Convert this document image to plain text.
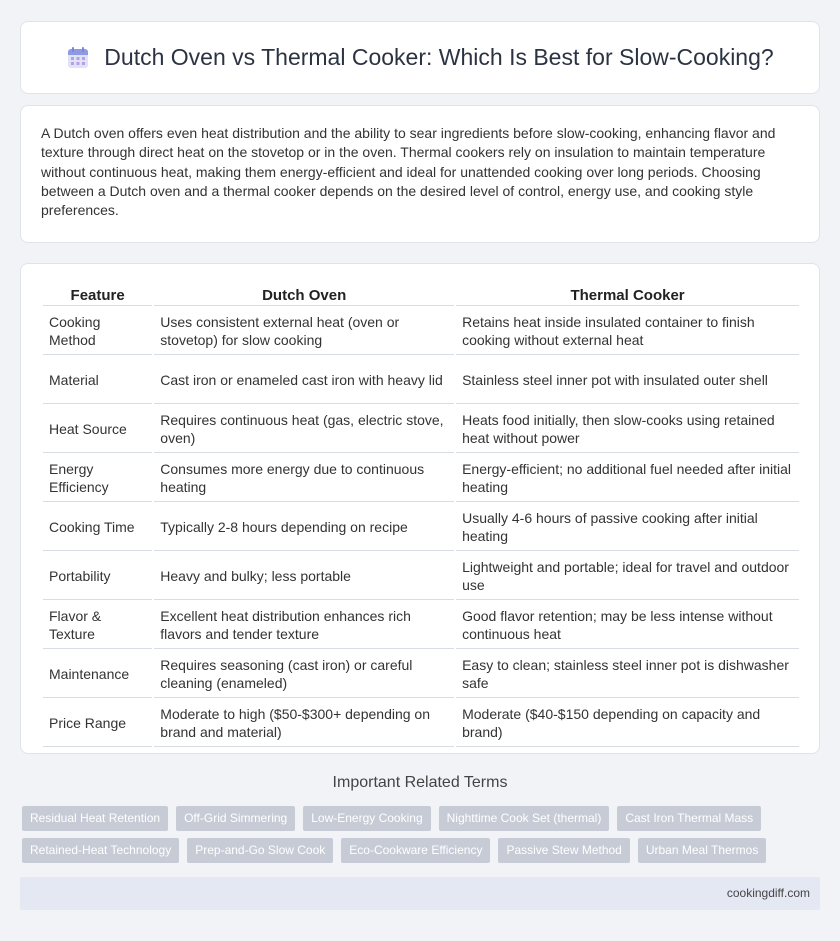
Dutch Oven vs Thermal Cooker: Which Is Best for Slow-Cooking?

A Dutch oven offers even heat distribution and the ability to sear ingredients before slow-cooking, enhancing flavor and texture through direct heat on the stovetop or in the oven. Thermal cookers rely on insulation to maintain temperature without continuous heat, making them energy-efficient and ideal for unattended cooking over long periods. Choosing between a Dutch oven and a thermal cooker depends on the desired level of control, energy use, and cooking style preferences.

Feature	Dutch Oven	Thermal Cooker
Cooking Method	Uses consistent external heat (oven or stovetop) for slow cooking	Retains heat inside insulated container to finish cooking without external heat
Material	Cast iron or enameled cast iron with heavy lid	Stainless steel inner pot with insulated outer shell
Heat Source	Requires continuous heat (gas, electric stove, oven)	Heats food initially, then slow-cooks using retained heat without power
Energy Efficiency	Consumes more energy due to continuous heating	Energy-efficient; no additional fuel needed after initial heating
Cooking Time	Typically 2-8 hours depending on recipe	Usually 4-6 hours of passive cooking after initial heating
Portability	Heavy and bulky; less portable	Lightweight and portable; ideal for travel and outdoor use
Flavor & Texture	Excellent heat distribution enhances rich flavors and tender texture	Good flavor retention; may be less intense without continuous heat
Maintenance	Requires seasoning (cast iron) or careful cleaning (enameled)	Easy to clean; stainless steel inner pot is dishwasher safe
Price Range	Moderate to high ($50-$300+ depending on brand and material)	Moderate ($40-$150 depending on capacity and brand)
Important Related Terms
Residual Heat Retention	Off-Grid Simmering	Low-Energy Cooking	Nighttime Cook Set (thermal)	Cast Iron Thermal Mass
Retained-Heat Technology	Prep-and-Go Slow Cook	Eco-Cookware Efficiency	Passive Stew Method	Urban Meal Thermos
cookingdiff.com
